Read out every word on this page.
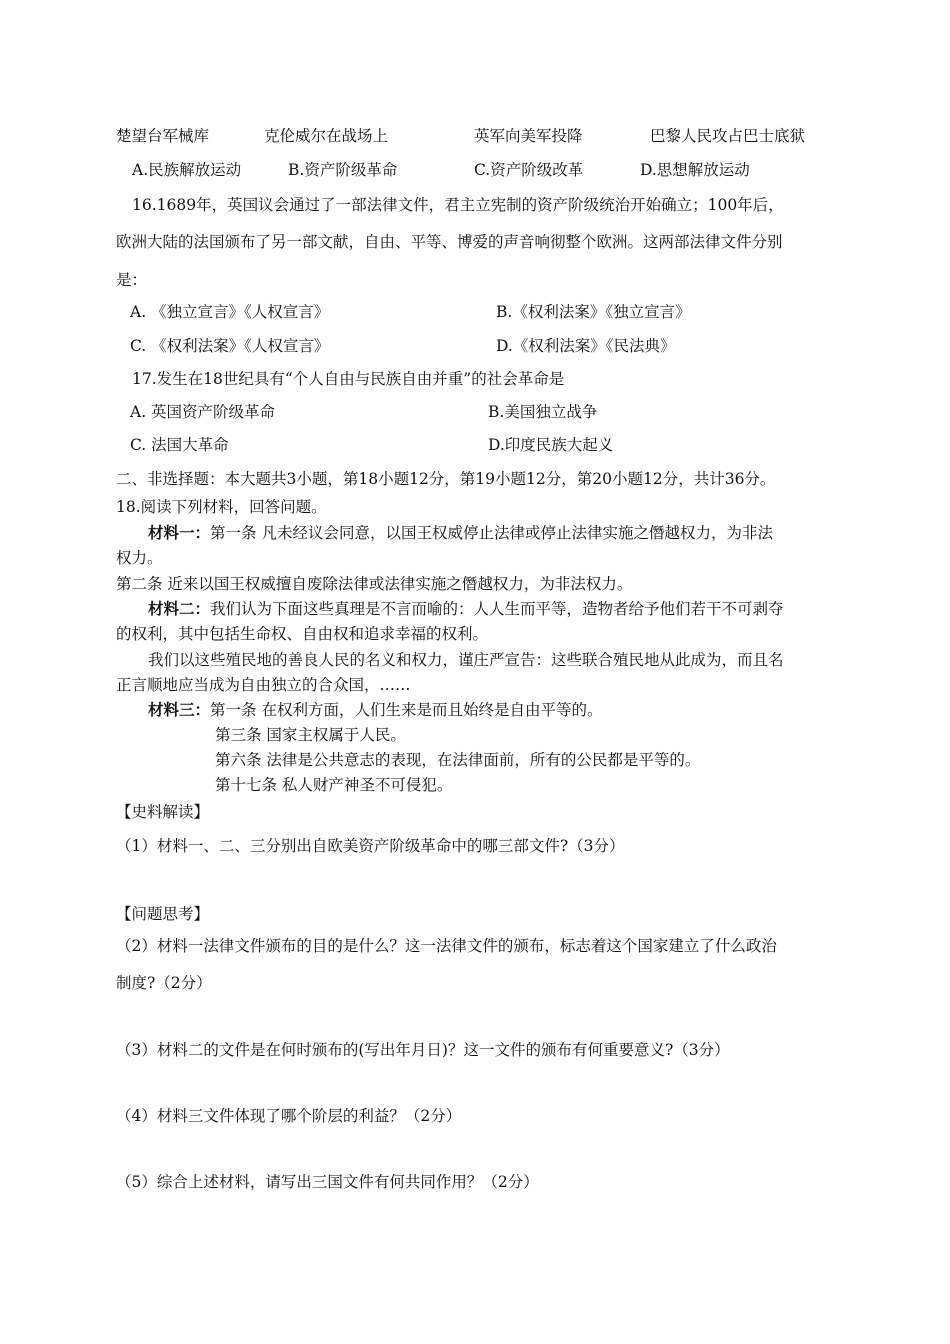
楚望台军械库	克伦威尔在战场上	英军向美军投降	巴黎人民攻占巴士底狱
A.民族解放运动	B.资产阶级革命	C.资产阶级改革	D.思想解放运动
16.1689年，英国议会通过了一部法律文件，君主立宪制的资产阶级统治开始确立；100年后，
欧洲大陆的法国颁布了另一部文献，自由、平等、博爱的声音响彻整个欧洲。这两部法律文件分别
是：
A. 《独立宣言》《人权宣言》	B.《权利法案》《独立宣言》
C. 《权利法案》《人权宣言》	D.《权利法案》《民法典》
17.发生在18世纪具有“个人自由与民族自由并重”的社会革命是
A. 英国资产阶级革命	B.美国独立战争
C. 法国大革命	D.印度民族大起义
二、非选择题：本大题共3小题，第18小题12分，第19小题12分，第20小题12分，共计36分。
18.阅读下列材料，回答问题。
材料一：第一条 凡未经议会同意，以国王权威停止法律或停止法律实施之僭越权力，为非法
权力。
第二条 近来以国王权威擅自废除法律或法律实施之僭越权力，为非法权力。
材料二：我们认为下面这些真理是不言而喻的：人人生而平等，造物者给予他们若干不可剥夺
的权利，其中包括生命权、自由权和追求幸福的权利。
我们以这些殖民地的善良人民的名义和权力，谨庄严宣告：这些联合殖民地从此成为，而且名
正言顺地应当成为自由独立的合众国，……
材料三：第一条 在权利方面，人们生来是而且始终是自由平等的。
第三条 国家主权属于人民。
第六条 法律是公共意志的表现，在法律面前，所有的公民都是平等的。
第十七条 私人财产神圣不可侵犯。
【史料解读】
（1）材料一、二、三分别出自欧美资产阶级革命中的哪三部文件?（3分）
【问题思考】
（2）材料一法律文件颁布的目的是什么？这一法律文件的颁布，标志着这个国家建立了什么政治
制度?（2分）
（3）材料二的文件是在何时颁布的(写出年月日)？这一文件的颁布有何重要意义?（3分）
（4）材料三文件体现了哪个阶层的利益？（2分）
（5）综合上述材料，请写出三国文件有何共同作用？（2分）
